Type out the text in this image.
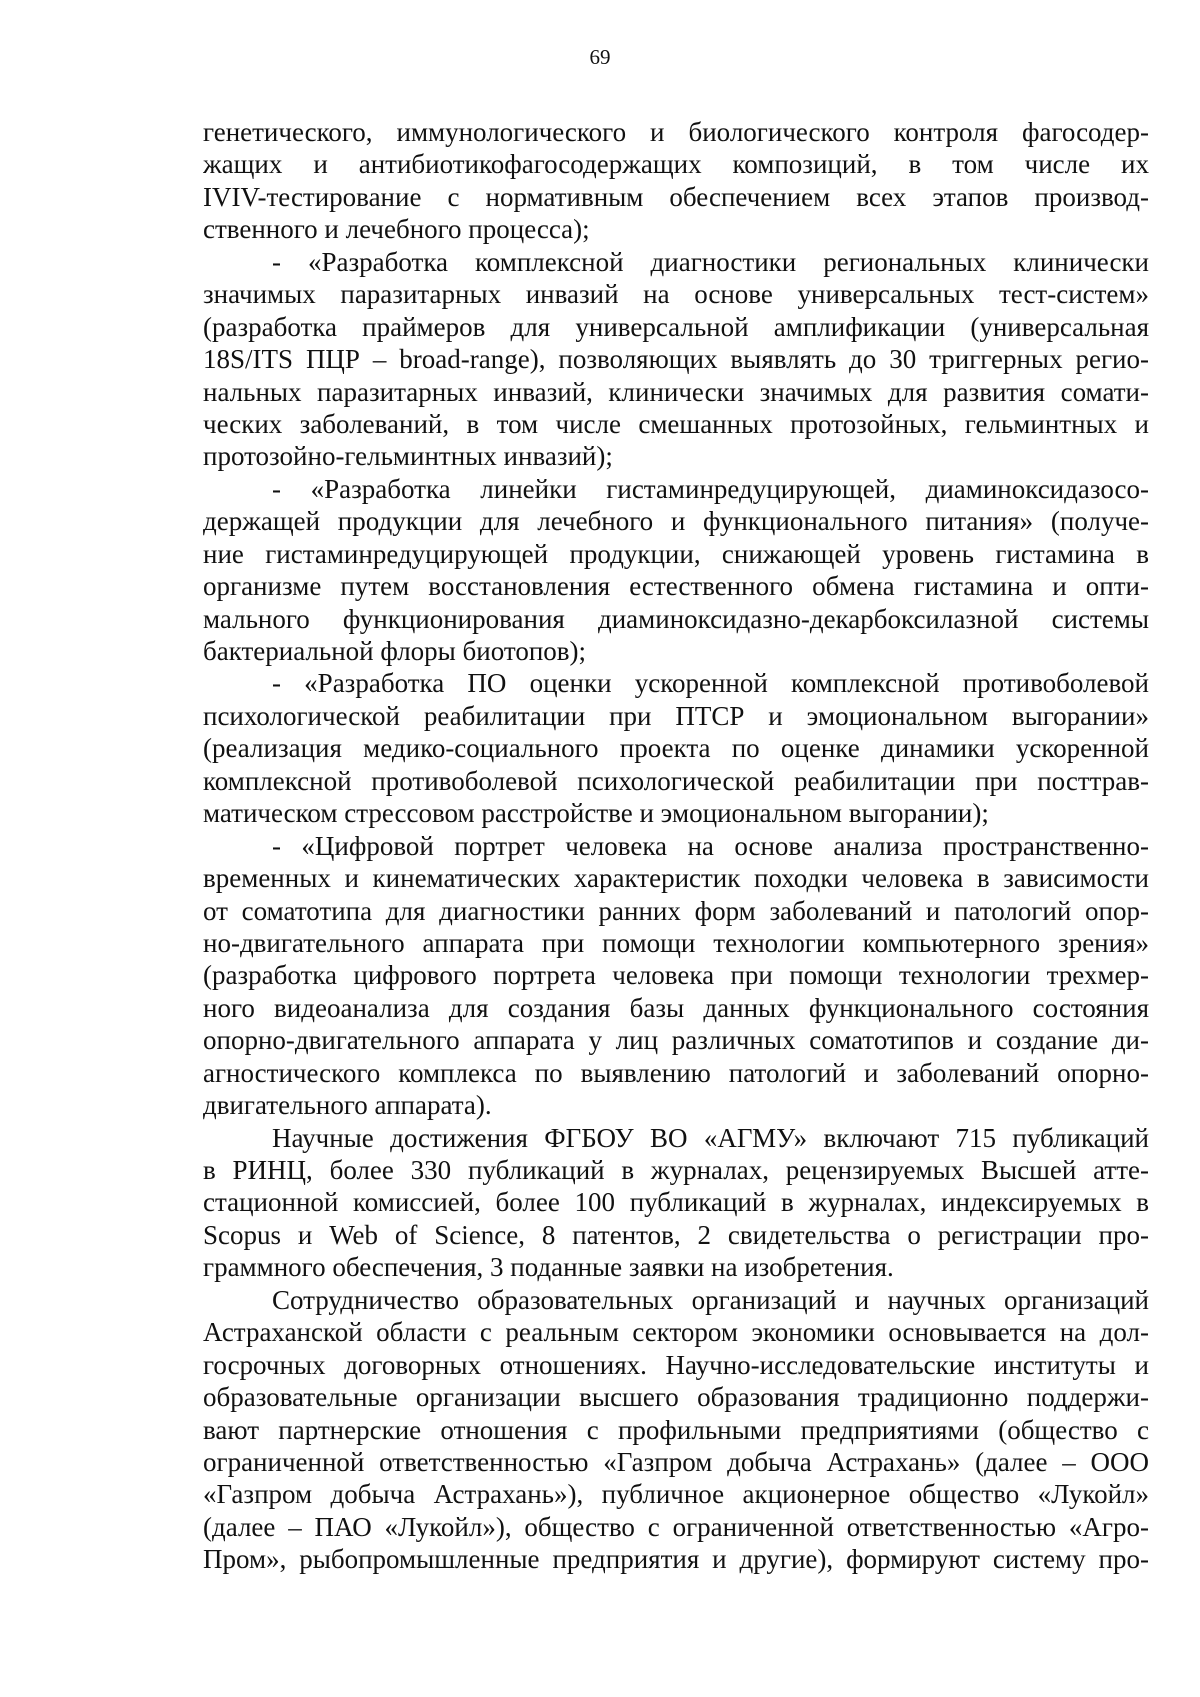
69
генетического, иммунологического и биологического контроля фагосодер-
жащих и антибиотикофагосодержащих композиций, в том числе их
IVIV-тестирование с нормативным обеспечением всех этапов производ-
ственного и лечебного процесса);
- «Разработка комплексной диагностики региональных клинически
значимых паразитарных инвазий на основе универсальных тест-систем»
(разработка праймеров для универсальной амплификации (универсальная
18S/ITS ПЦР – broad-range), позволяющих выявлять до 30 триггерных регио-
нальных паразитарных инвазий, клинически значимых для развития сомати-
ческих заболеваний, в том числе смешанных протозойных, гельминтных и
протозойно-гельминтных инвазий);
- «Разработка линейки гистаминредуцирующей, диаминоксидазосо-
держащей продукции для лечебного и функционального питания» (получе-
ние гистаминредуцирующей продукции, снижающей уровень гистамина в
организме путем восстановления естественного обмена гистамина и опти-
мального функционирования диаминоксидазно-декарбоксилазной системы
бактериальной флоры биотопов);
- «Разработка ПО оценки ускоренной комплексной противоболевой
психологической реабилитации при ПТСР и эмоциональном выгорании»
(реализация медико-социального проекта по оценке динамики ускоренной
комплексной противоболевой психологической реабилитации при посттрав-
матическом стрессовом расстройстве и эмоциональном выгорании);
- «Цифровой портрет человека на основе анализа пространственно-
временных и кинематических характеристик походки человека в зависимости
от соматотипа для диагностики ранних форм заболеваний и патологий опор-
но-двигательного аппарата при помощи технологии компьютерного зрения»
(разработка цифрового портрета человека при помощи технологии трехмер-
ного видеоанализа для создания базы данных функционального состояния
опорно-двигательного аппарата у лиц различных соматотипов и создание ди-
агностического комплекса по выявлению патологий и заболеваний опорно-
двигательного аппарата).
Научные достижения ФГБОУ ВО «АГМУ» включают 715 публикаций
в РИНЦ, более 330 публикаций в журналах, рецензируемых Высшей атте-
стационной комиссией, более 100 публикаций в журналах, индексируемых в
Scopus и Web of Science, 8 патентов, 2 свидетельства о регистрации про-
граммного обеспечения, 3 поданные заявки на изобретения.
Сотрудничество образовательных организаций и научных организаций
Астраханской области с реальным сектором экономики основывается на дол-
госрочных договорных отношениях. Научно-исследовательские институты и
образовательные организации высшего образования традиционно поддержи-
вают партнерские отношения с профильными предприятиями (общество с
ограниченной ответственностью «Газпром добыча Астрахань» (далее – ООО
«Газпром добыча Астрахань»), публичное акционерное общество «Лукойл»
(далее – ПАО «Лукойл»), общество с ограниченной ответственностью «Агро-
Пром», рыбопромышленные предприятия и другие), формируют систему про-
